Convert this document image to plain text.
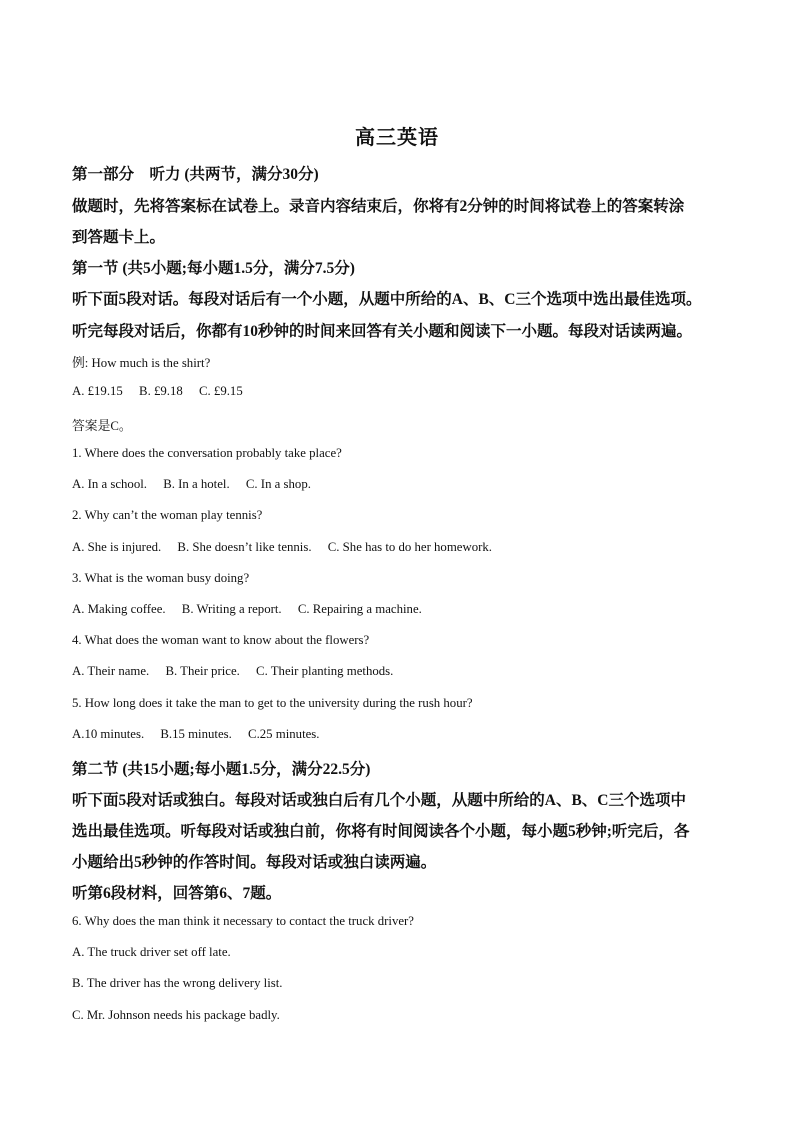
高三英语
第一部分　听力 (共两节，满分30分)
做题时，先将答案标在试卷上。录音内容结束后，你将有2分钟的时间将试卷上的答案转涂
到答题卡上。
第一节 (共5小题;每小题1.5分，满分7.5分)
听下面5段对话。每段对话后有一个小题，从题中所给的A、B、C三个选项中选出最佳选项。
听完每段对话后，你都有10秒钟的时间来回答有关小题和阅读下一小题。每段对话读两遍。
例: How much is the shirt?
A. £19.15 B. £9.18 C. £9.15
答案是C。
1. Where does the conversation probably take place?
A. In a school. B. In a hotel. C. In a shop.
2. Why can’t the woman play tennis?
A. She is injured. B. She doesn’t like tennis. C. She has to do her homework.
3. What is the woman busy doing?
A. Making coffee. B. Writing a report. C. Repairing a machine.
4. What does the woman want to know about the flowers?
A. Their name. B. Their price. C. Their planting methods.
5. How long does it take the man to get to the university during the rush hour?
A.10 minutes. B.15 minutes. C.25 minutes.
第二节 (共15小题;每小题1.5分，满分22.5分)
听下面5段对话或独白。每段对话或独白后有几个小题，从题中所给的A、B、C三个选项中
选出最佳选项。听每段对话或独白前，你将有时间阅读各个小题，每小题5秒钟;听完后，各
小题给出5秒钟的作答时间。每段对话或独白读两遍。
听第6段材料，回答第6、7题。
6. Why does the man think it necessary to contact the truck driver?
A. The truck driver set off late.
B. The driver has the wrong delivery list.
C. Mr. Johnson needs his package badly.
